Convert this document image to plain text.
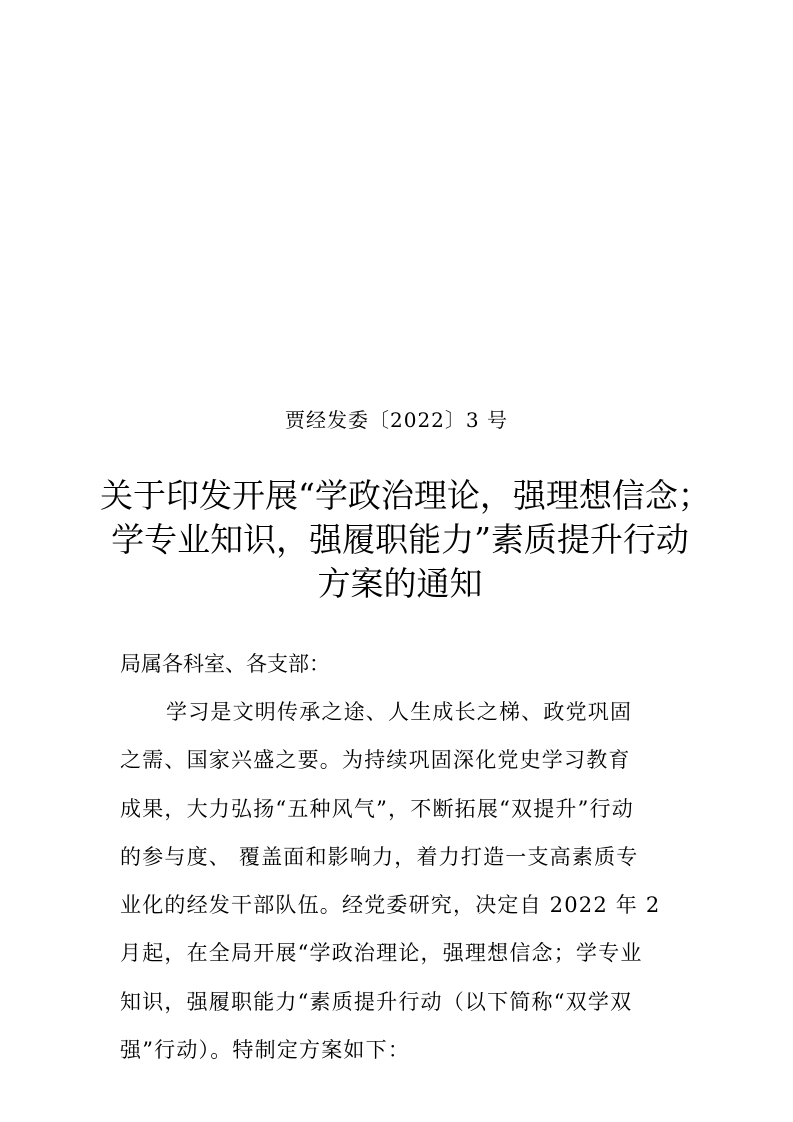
贾经发委〔2022〕3 号
关于印发开展“学政治理论，强理想信念；
学专业知识，强履职能力”素质提升行动
方案的通知
局属各科室、各支部：
学习是文明传承之途、人生成长之梯、政党巩固
之需、国家兴盛之要。为持续巩固深化党史学习教育
成果，大力弘扬“五种风气”，不断拓展“双提升”行动
的参与度、 覆盖面和影响力，着力打造一支高素质专
业化的经发干部队伍。经党委研究，决定自 2022 年 2
月起，在全局开展“学政治理论，强理想信念；学专业
知识，强履职能力“素质提升行动（以下简称“双学双
强”行动）。特制定方案如下：
